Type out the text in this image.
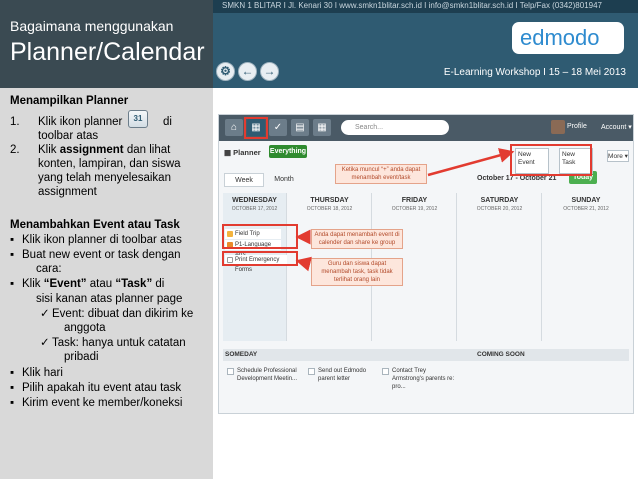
SMKN 1 BLITAR I Jl. Kenari 30 I www.smkn1blitar.sch.id I info@smkn1blitar.sch.id I Telp/Fax (0342)801947
Bagaimana menggunakan
Planner/Calendar
edmodo
⚙ ← →	E-Learning Workshop I 15 – 18 Mei 2013
Menampilkan Planner
1. Klik ikon planner	31	di
toolbar atas
2. Klik assignment dan lihat
konten, lampiran, dan siswa
yang telah menyelesaikan
assignment
Menambahkan Event atau Task
▪ Klik ikon planner di toolbar atas
▪ Buat new event or task dengan
cara:
▪ Klik “Event” atau “Task” di
sisi kanan atas planner page
✓ Event: dibuat dan dikirim ke
anggota
✓ Task: hanya untuk catatan
pribadi
▪ Klik hari
▪ Pilih apakah itu event atau task
▪ Kirim event ke member/koneksi
⌂	▦	✓	▤	▦	Search...	Profile Account ▾
▦ Planner Everything
Week	Month	October 17 - October 21	Today
New
Event
New
Task
More ▾
WEDNESDAY
OCTOBER 17, 2012
THURSDAY
OCTOBER 18, 2012
FRIDAY
OCTOBER 19, 2012
SATURDAY
OCTOBER 20, 2012
SUNDAY
OCTOBER 21, 2012
Field Trip
P1-Language
Print Emergency Forms
SOMEDAY	COMING SOON
Schedule Professional Development Meetin...
Send out Edmodo parent letter
Contact Trey Armstrong's parents re: pro...
Ketika muncul “+” anda dapat menambah event/task
Anda dapat menambah event di calender dan share ke group
Guru dan siswa dapat menambah task, task tidak terlihat orang lain
